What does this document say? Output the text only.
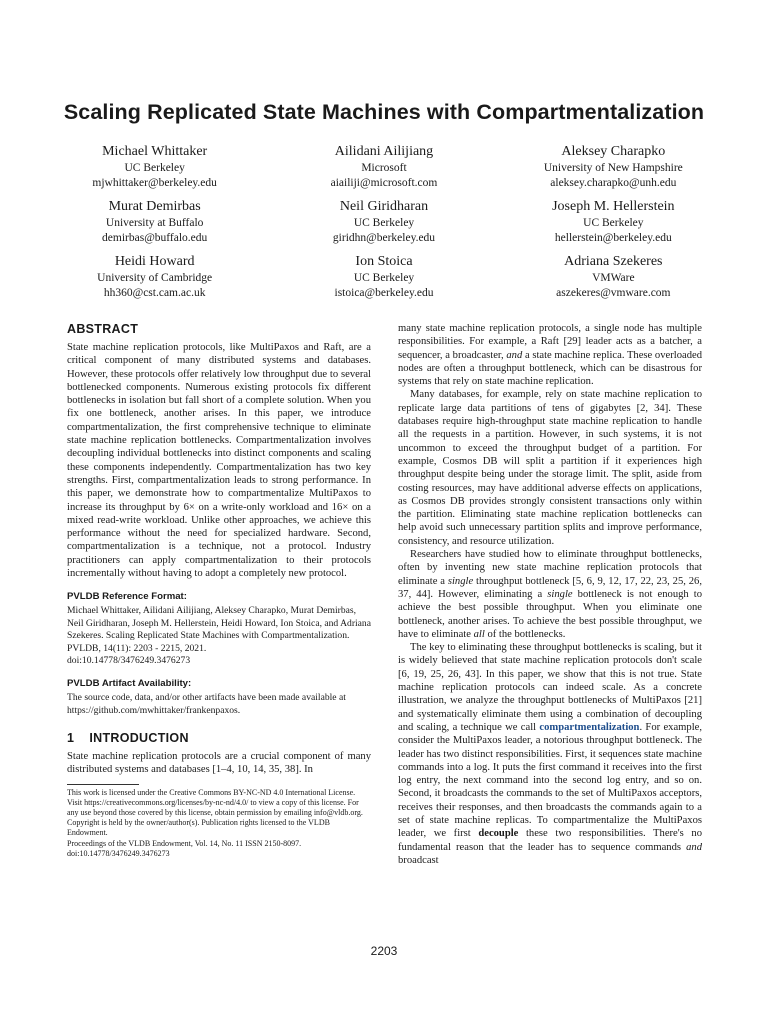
Scaling Replicated State Machines with Compartmentalization
Michael Whittaker
UC Berkeley
mjwhittaker@berkeley.edu
Ailidani Ailijiang
Microsoft
aiailiji@microsoft.com
Aleksey Charapko
University of New Hampshire
aleksey.charapko@unh.edu
Murat Demirbas
University at Buffalo
demirbas@buffalo.edu
Neil Giridharan
UC Berkeley
giridhn@berkeley.edu
Joseph M. Hellerstein
UC Berkeley
hellerstein@berkeley.edu
Heidi Howard
University of Cambridge
hh360@cst.cam.ac.uk
Ion Stoica
UC Berkeley
istoica@berkeley.edu
Adriana Szekeres
VMWare
aszekeres@vmware.com
ABSTRACT

State machine replication protocols, like MultiPaxos and Raft, are a critical component of many distributed systems and databases. However, these protocols offer relatively low throughput due to several bottlenecked components. Numerous existing protocols fix different bottlenecks in isolation but fall short of a complete solution. When you fix one bottleneck, another arises. In this paper, we introduce compartmentalization, the first comprehensive technique to eliminate state machine replication bottlenecks. Compartmentalization involves decoupling individual bottlenecks into distinct components and scaling these components independently. Compartmentalization has two key strengths. First, compartmentalization leads to strong performance. In this paper, we demonstrate how to compartmentalize MultiPaxos to increase its throughput by 6× on a write-only workload and 16× on a mixed read-write workload. Unlike other approaches, we achieve this performance without the need for specialized hardware. Second, compartmentalization is a technique, not a protocol. Industry practitioners can apply compartmentalization to their protocols incrementally without having to adopt a completely new protocol.

PVLDB Reference Format:

Michael Whittaker, Ailidani Ailijiang, Aleksey Charapko, Murat Demirbas, Neil Giridharan, Joseph M. Hellerstein, Heidi Howard, Ion Stoica, and Adriana Szekeres. Scaling Replicated State Machines with Compartmentalization. PVLDB, 14(11): 2203 - 2215, 2021.

doi:10.14778/3476249.3476273

PVLDB Artifact Availability:

The source code, data, and/or other artifacts have been made available at https://github.com/mwhittaker/frankenpaxos.

1    INTRODUCTION

State machine replication protocols are a crucial component of many distributed systems and databases [1–4, 10, 14, 35, 38]. In

This work is licensed under the Creative Commons BY-NC-ND 4.0 International License. Visit https://creativecommons.org/licenses/by-nc-nd/4.0/ to view a copy of this license. For any use beyond those covered by this license, obtain permission by emailing info@vldb.org. Copyright is held by the owner/author(s). Publication rights licensed to the VLDB Endowment.

Proceedings of the VLDB Endowment, Vol. 14, No. 11 ISSN 2150-8097.

doi:10.14778/3476249.3476273

many state machine replication protocols, a single node has multiple responsibilities. For example, a Raft [29] leader acts as a batcher, a sequencer, a broadcaster, and a state machine replica. These overloaded nodes are often a throughput bottleneck, which can be disastrous for systems that rely on state machine replication.

Many databases, for example, rely on state machine replication to replicate large data partitions of tens of gigabytes [2, 34]. These databases require high-throughput state machine replication to handle all the requests in a partition. However, in such systems, it is not uncommon to exceed the throughput budget of a partition. For example, Cosmos DB will split a partition if it experiences high throughput despite being under the storage limit. The split, aside from costing resources, may have additional adverse effects on applications, as Cosmos DB provides strongly consistent transactions only within the partition. Eliminating state machine replication bottlenecks can help avoid such unnecessary partition splits and improve performance, consistency, and resource utilization.

Researchers have studied how to eliminate throughput bottlenecks, often by inventing new state machine replication protocols that eliminate a single throughput bottleneck [5, 6, 9, 12, 17, 22, 23, 25, 26, 37, 44]. However, eliminating a single bottleneck is not enough to achieve the best possible throughput. When you eliminate one bottleneck, another arises. To achieve the best possible throughput, we have to eliminate all of the bottlenecks.

The key to eliminating these throughput bottlenecks is scaling, but it is widely believed that state machine replication protocols don't scale [6, 19, 25, 26, 43]. In this paper, we show that this is not true. State machine replication protocols can indeed scale. As a concrete illustration, we analyze the throughput bottlenecks of MultiPaxos [21] and systematically eliminate them using a combination of decoupling and scaling, a technique we call compartmentalization. For example, consider the MultiPaxos leader, a notorious throughput bottleneck. The leader has two distinct responsibilities. First, it sequences state machine commands into a log. It puts the first command it receives into the first log entry, the next command into the second log entry, and so on. Second, it broadcasts the commands to the set of MultiPaxos acceptors, receives their responses, and then broadcasts the commands again to a set of state machine replicas. To compartmentalize the MultiPaxos leader, we first decouple these two responsibilities. There's no fundamental reason that the leader has to sequence commands and broadcast

2203
